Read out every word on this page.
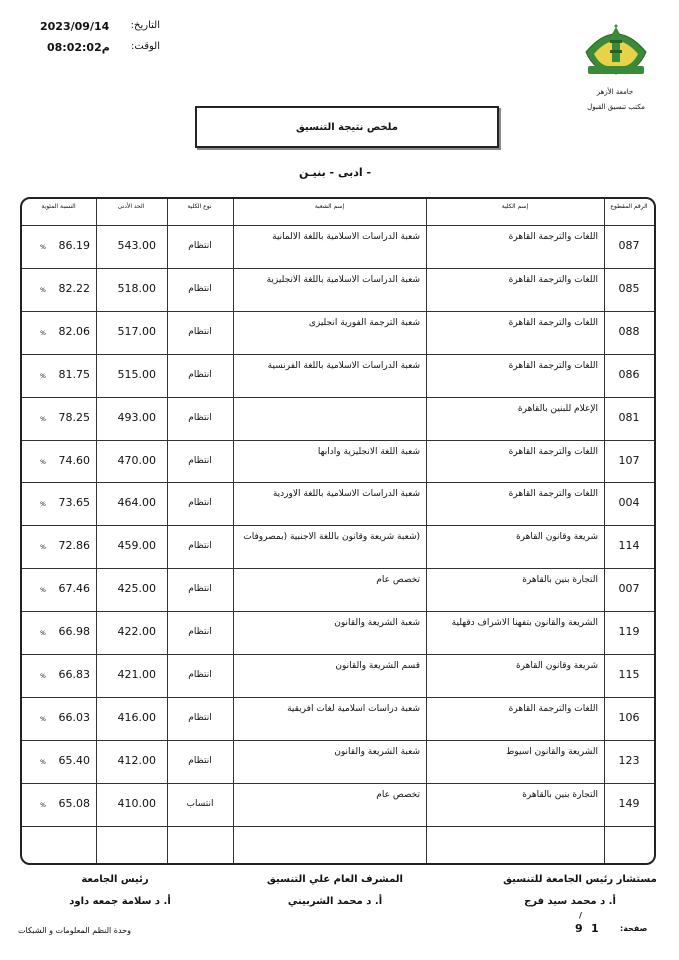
2023/09/14	التاريخ:
08:02:02م	الوقت:
جامعة الأزهر
مكتب تنسيق القبول
ملخص نتيجة التنسيق
- ادبى - بنيـن
الرقم المقطوع
إسم الكلية
إسم الشعبة
نوع الكلية
الحد الأدنى
النسبة المئوية
087
اللغات والترجمة القاهرة
شعبة الدراسات الاسلامية باللغة الالمانية
انتظام
543.00
86.19
%
085
اللغات والترجمة القاهرة
شعبة الدراسات الاسلامية باللغة الانجليزية
انتظام
518.00
82.22
%
088
اللغات والترجمة القاهرة
شعبة الترجمة الفورية انجليزى
انتظام
517.00
82.06
%
086
اللغات والترجمة القاهرة
شعبة الدراسات الاسلامية باللغة الفرنسية
انتظام
515.00
81.75
%
081
الإعلام للبنين بالقاهرة
انتظام
493.00
78.25
%
107
اللغات والترجمة القاهرة
شعبة اللغة الانجليزية وادابها
انتظام
470.00
74.60
%
004
اللغات والترجمة القاهرة
شعبة الدراسات الاسلامية باللغة الاوردية
انتظام
464.00
73.65
%
114
شريعة وقانون القاهرة
(شعبة شريعة وقانون باللغة الاجنبية (بمصروفات
انتظام
459.00
72.86
%
007
التجارة بنين بالقاهرة
تخصص عام
انتظام
425.00
67.46
%
119
الشريعة والقانون بتفهنا الاشراف دقهلية
شعبة الشريعة والقانون
انتظام
422.00
66.98
%
115
شريعة وقانون القاهرة
قسم الشريعة والقانون
انتظام
421.00
66.83
%
106
اللغات والترجمة القاهرة
شعبة دراسات اسلامية لغات افريقية
انتظام
416.00
66.03
%
123
الشريعة والقانون اسيوط
شعبة الشريعة والقانون
انتظام
412.00
65.40
%
149
التجارة بنين بالقاهرة
تخصص عام
انتساب
410.00
65.08
%
مستشار رئيس الجامعة للتنسيق
أ. د محمد سيد فرج
المشرف العام علي التنسيق
أ. د محمد الشربيني
رئيس الجامعة
أ. د سلامة جمعه داود
/
صفحة:
1
9
وحدة النظم المعلومات و الشبكات
